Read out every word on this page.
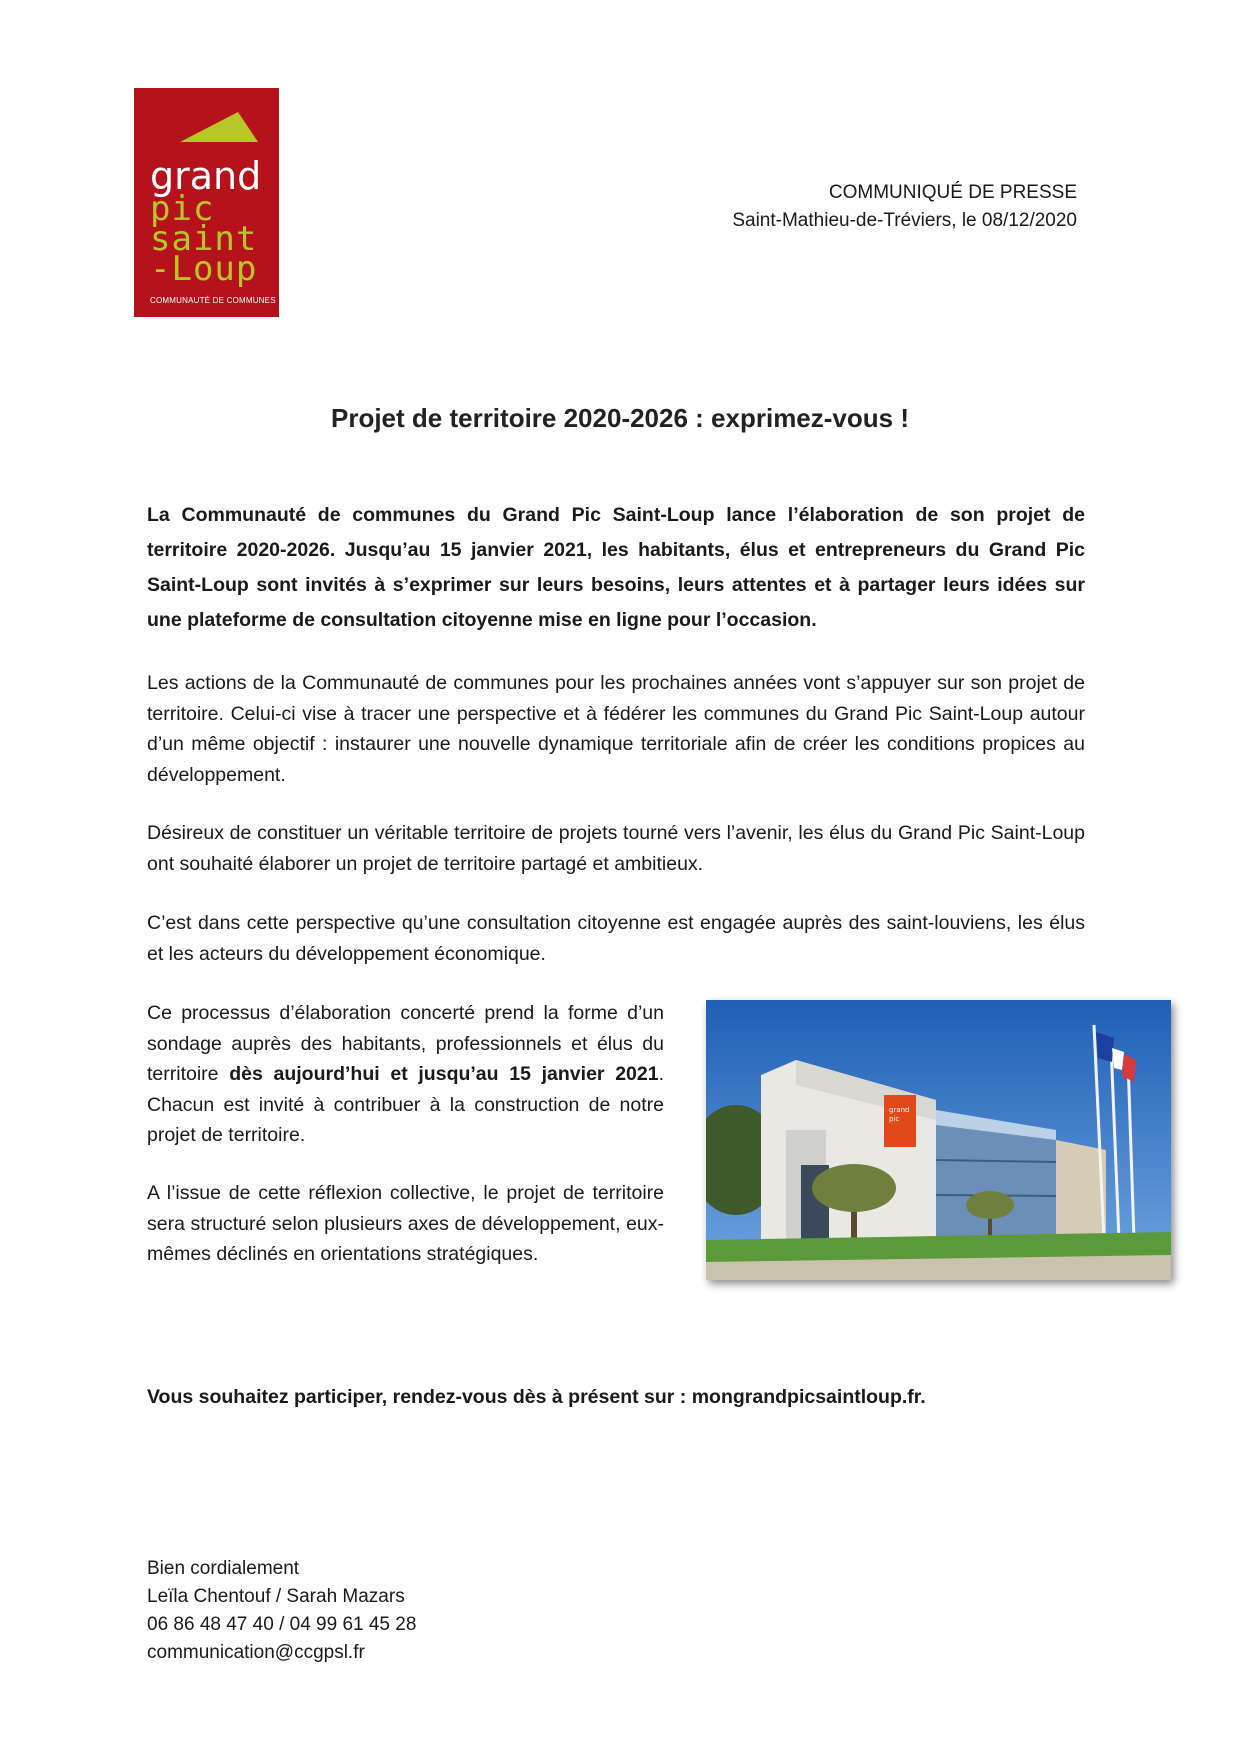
grand
pic
saint
-Loup
COMMUNAUTÉ DE COMMUNES
COMMUNIQUÉ DE PRESSE
Saint-Mathieu-de-Tréviers, le 08/12/2020
Projet de territoire 2020-2026 : exprimez-vous !
La Communauté de communes du Grand Pic Saint-Loup lance l’élaboration de son projet de territoire 2020-2026. Jusqu’au 15 janvier 2021, les habitants, élus et entrepreneurs du Grand Pic Saint-Loup sont invités à s’exprimer sur leurs besoins, leurs attentes et à partager leurs idées sur une plateforme de consultation citoyenne mise en ligne pour l’occasion.
Les actions de la Communauté de communes pour les prochaines années vont s’appuyer sur son projet de territoire. Celui-ci vise à tracer une perspective et à fédérer les communes du Grand Pic Saint-Loup autour d’un même objectif : instaurer une nouvelle dynamique territoriale afin de créer les conditions propices au développement.
Désireux de constituer un véritable territoire de projets tourné vers l’avenir, les élus du Grand Pic Saint-Loup ont souhaité élaborer un projet de territoire partagé et ambitieux.
C’est dans cette perspective qu’une consultation citoyenne est engagée auprès des saint-louviens, les élus et les acteurs du développement économique.
Ce processus d’élaboration concerté prend la forme d’un sondage auprès des habitants, professionnels et élus du territoire dès aujourd’hui et jusqu’au 15 janvier 2021. Chacun est invité à contribuer à la construction de notre projet de territoire.
A l’issue de cette réflexion collective, le projet de territoire sera structuré selon plusieurs axes de développement, eux-mêmes déclinés en orientations stratégiques.
grand
pic
Vous souhaitez participer, rendez-vous dès à présent sur : mongrandpicsaintloup.fr.
Bien cordialement
Leïla Chentouf / Sarah Mazars
06 86 48 47 40 / 04 99 61 45 28
communication@ccgpsl.fr
